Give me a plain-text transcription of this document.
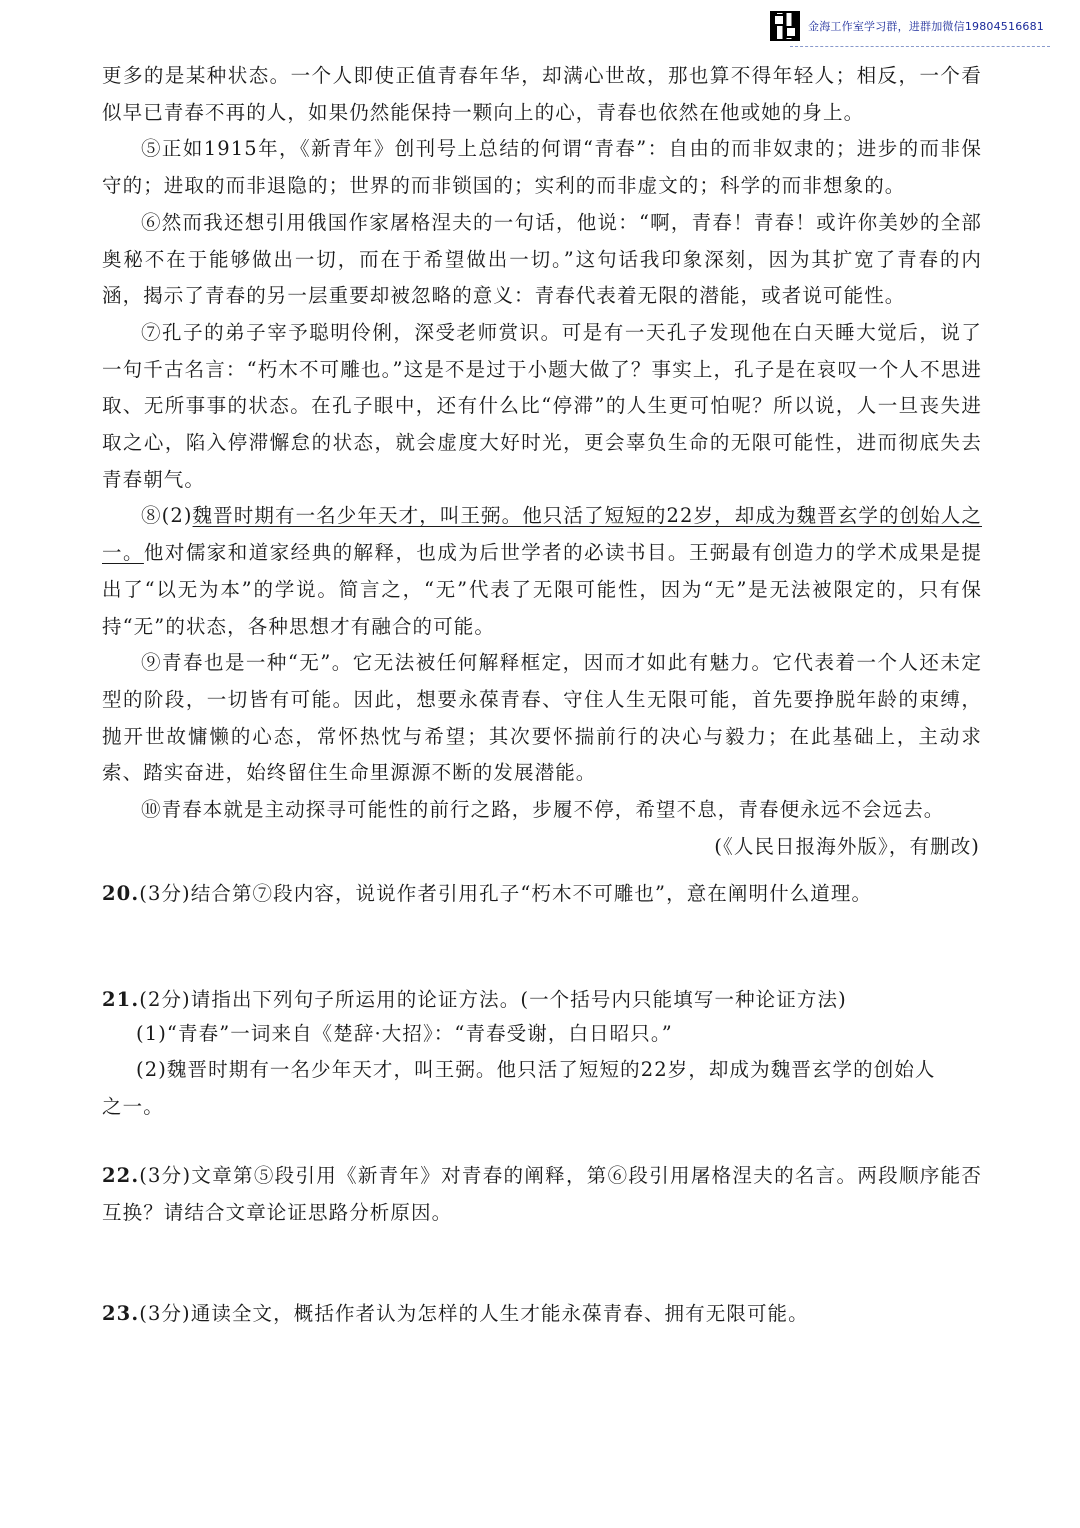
金海工作室学习群，进群加微信19804516681

更多的是某种状态。一个人即使正值青春年华，却满心世故，那也算不得年轻人；相反，一个看似早已青春不再的人，如果仍然能保持一颗向上的心，青春也依然在他或她的身上。

⑤正如1915年，《新青年》创刊号上总结的何谓“青春”：自由的而非奴隶的；进步的而非保守的；进取的而非退隐的；世界的而非锁国的；实利的而非虚文的；科学的而非想象的。

⑥然而我还想引用俄国作家屠格涅夫的一句话，他说：“啊，青春！青春！或许你美妙的全部奥秘不在于能够做出一切，而在于希望做出一切。”这句话我印象深刻，因为其扩宽了青春的内涵，揭示了青春的另一层重要却被忽略的意义：青春代表着无限的潜能，或者说可能性。

⑦孔子的弟子宰予聪明伶俐，深受老师赏识。可是有一天孔子发现他在白天睡大觉后，说了一句千古名言：“朽木不可雕也。”这是不是过于小题大做了？事实上，孔子是在哀叹一个人不思进取、无所事事的状态。在孔子眼中，还有什么比“停滞”的人生更可怕呢？所以说，人一旦丧失进取之心，陷入停滞懈怠的状态，就会虚度大好时光，更会辜负生命的无限可能性，进而彻底失去青春朝气。

⑧(2)魏晋时期有一名少年天才，叫王弼。他只活了短短的22岁，却成为魏晋玄学的创始人之一。他对儒家和道家经典的解释，也成为后世学者的必读书目。王弼最有创造力的学术成果是提出了“以无为本”的学说。简言之，“无”代表了无限可能性，因为“无”是无法被限定的，只有保持“无”的状态，各种思想才有融合的可能。

⑨青春也是一种“无”。它无法被任何解释框定，因而才如此有魅力。它代表着一个人还未定型的阶段，一切皆有可能。因此，想要永葆青春、守住人生无限可能，首先要挣脱年龄的束缚，抛开世故慵懒的心态，常怀热忱与希望；其次要怀揣前行的决心与毅力；在此基础上，主动求索、踏实奋进，始终留住生命里源源不断的发展潜能。

⑩青春本就是主动探寻可能性的前行之路，步履不停，希望不息，青春便永远不会远去。

(《人民日报海外版》，有删改)

20.(3分)结合第⑦段内容，说说作者引用孔子“朽木不可雕也”，意在阐明什么道理。

21.(2分)请指出下列句子所运用的论证方法。(一个括号内只能填写一种论证方法)

(1)“青春”一词来自《楚辞·大招》：“青春受谢，白日昭只。”

(2)魏晋时期有一名少年天才，叫王弼。他只活了短短的22岁，却成为魏晋玄学的创始人

之一。

22.(3分)文章第⑤段引用《新青年》对青春的阐释，第⑥段引用屠格涅夫的名言。两段顺序能否互换？请结合文章论证思路分析原因。

23.(3分)通读全文，概括作者认为怎样的人生才能永葆青春、拥有无限可能。
